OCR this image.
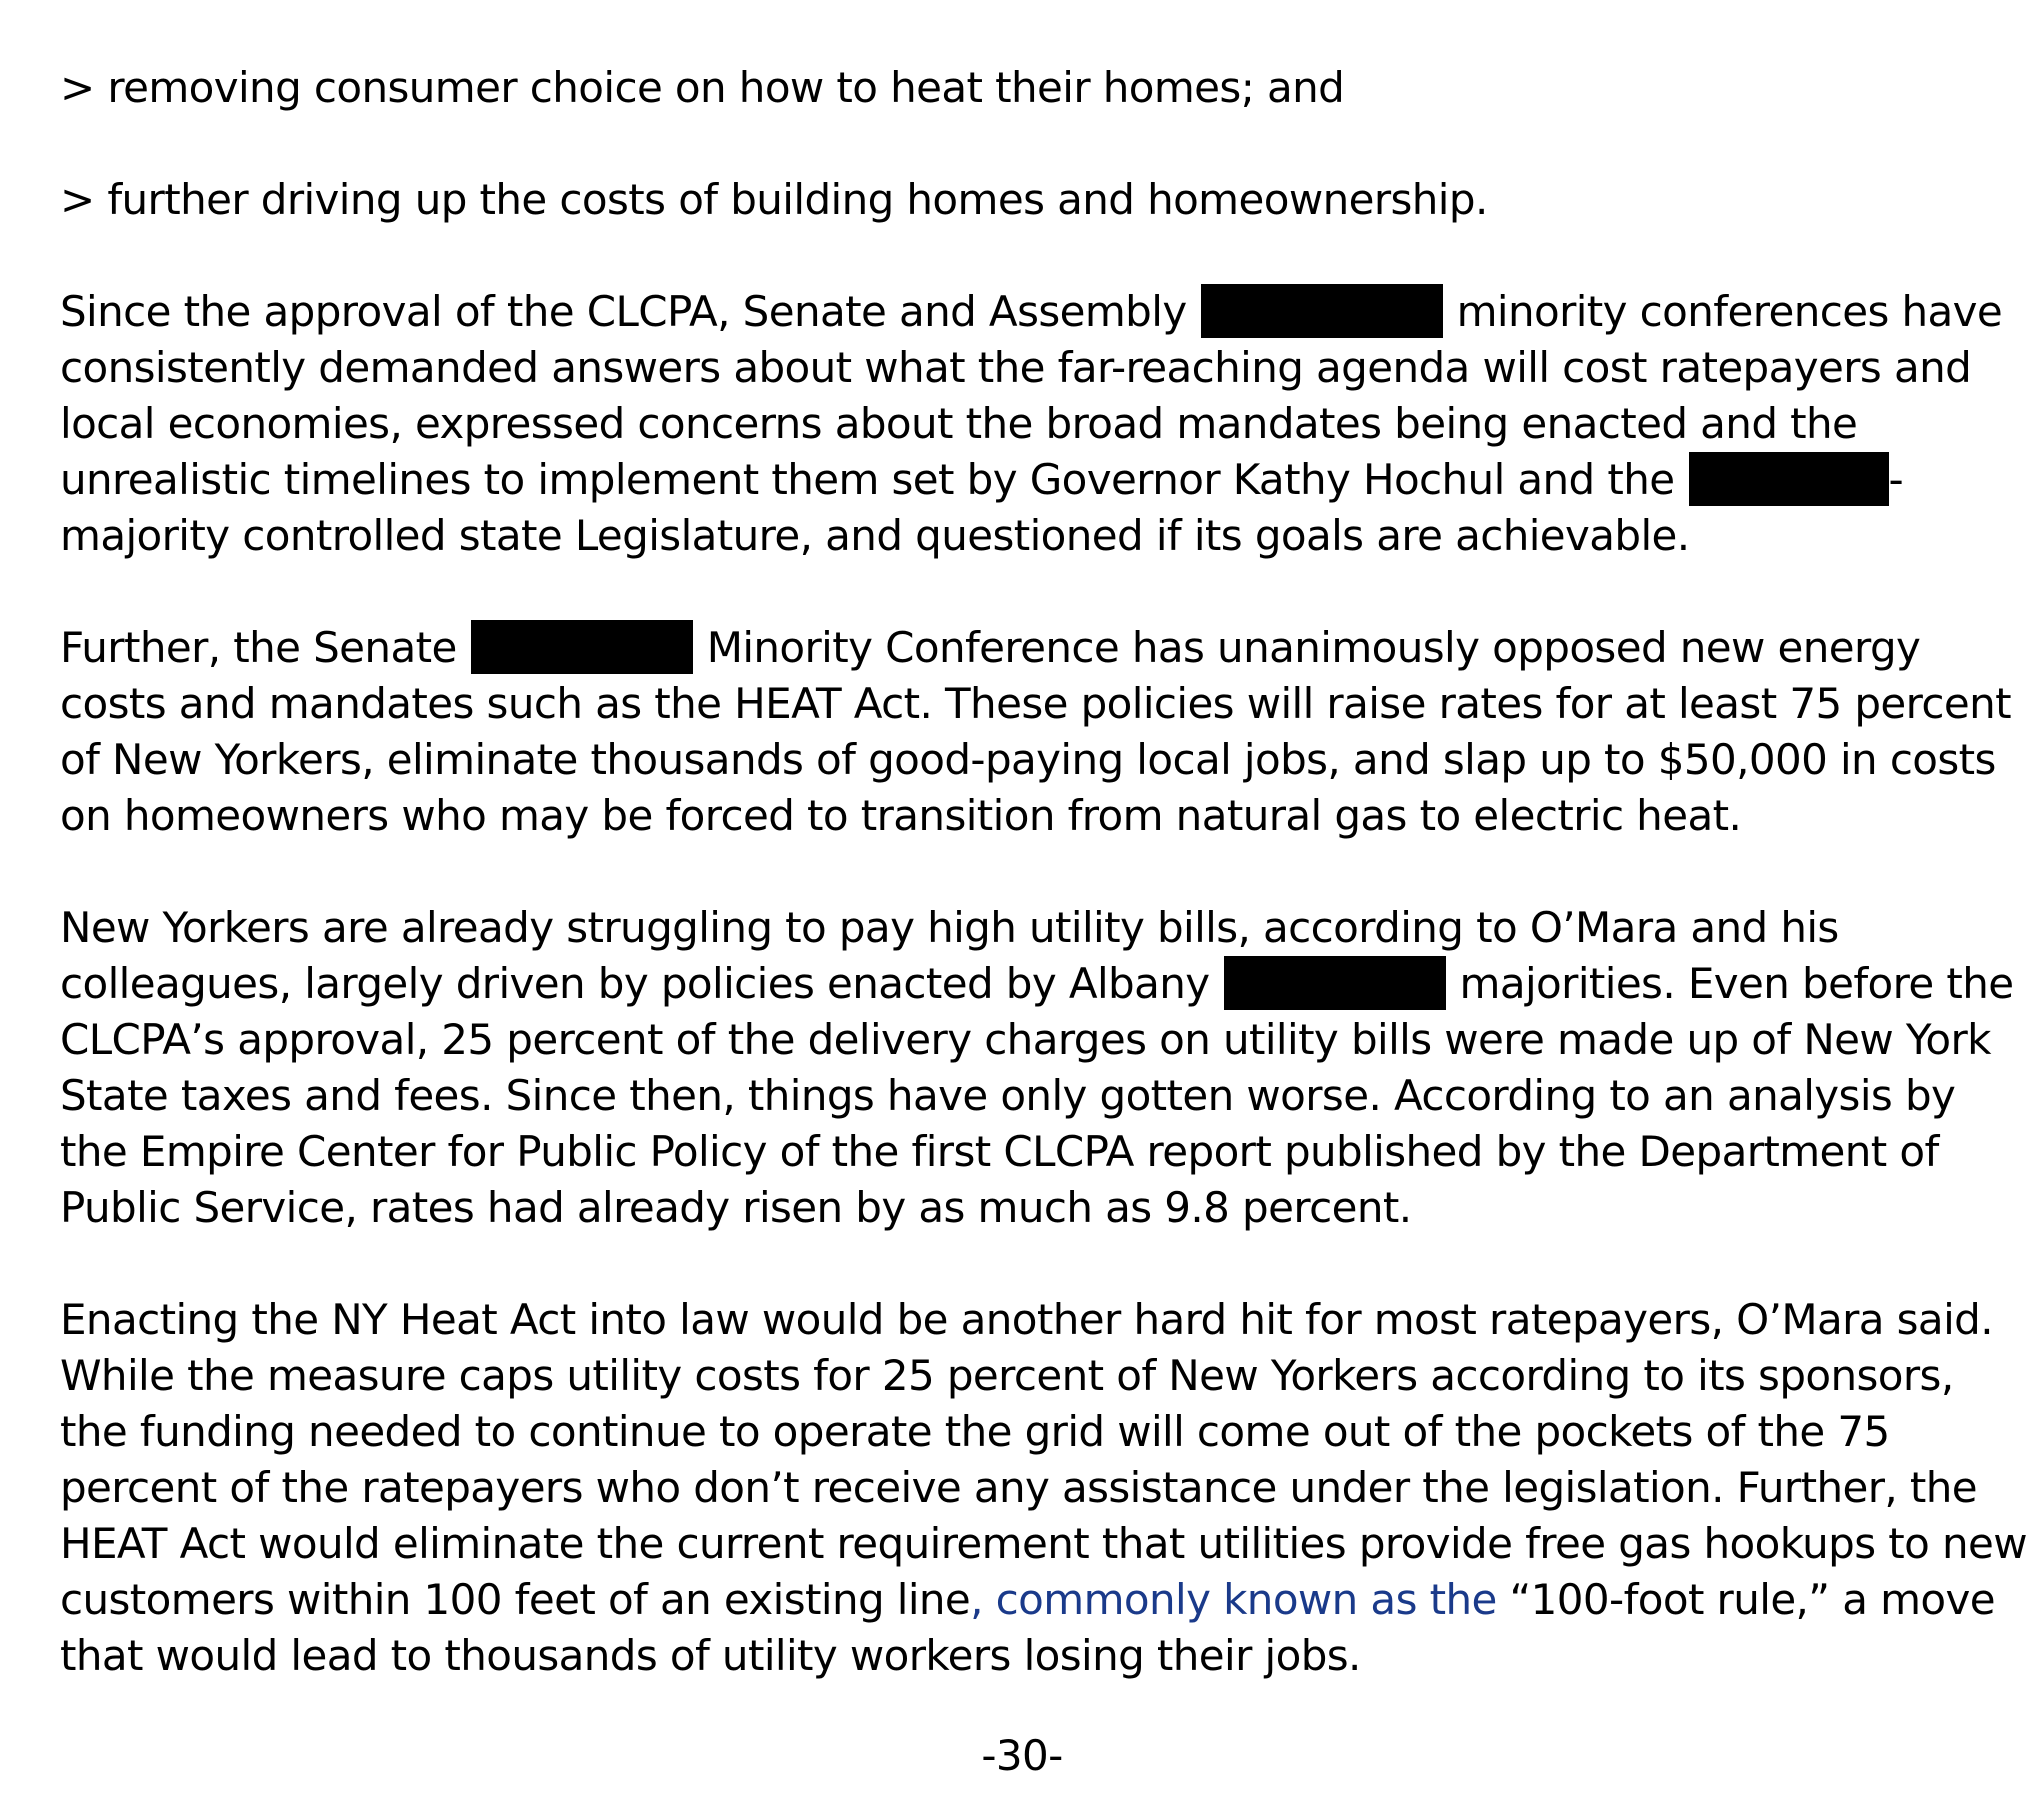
> removing consumer choice on how to heat their homes; and
> further driving up the costs of building homes and homeownership.
Since the approval of the CLCPA, Senate and Assembly	minority conferences have
consistently demanded answers about what the far-reaching agenda will cost ratepayers and
local economies, expressed concerns about the broad mandates being enacted and the
unrealistic timelines to implement them set by Governor Kathy Hochul and the	-
majority controlled state Legislature, and questioned if its goals are achievable.
Further, the Senate	Minority Conference has unanimously opposed new energy
costs and mandates such as the HEAT Act. These policies will raise rates for at least 75 percent
of New Yorkers, eliminate thousands of good-paying local jobs, and slap up to $50,000 in costs
on homeowners who may be forced to transition from natural gas to electric heat.
New Yorkers are already struggling to pay high utility bills, according to O’Mara and his
colleagues, largely driven by policies enacted by Albany	majorities. Even before the
CLCPA’s approval, 25 percent of the delivery charges on utility bills were made up of New York
State taxes and fees. Since then, things have only gotten worse. According to an analysis by
the Empire Center for Public Policy of the first CLCPA report published by the Department of
Public Service, rates had already risen by as much as 9.8 percent.
Enacting the NY Heat Act into law would be another hard hit for most ratepayers, O’Mara said.
While the measure caps utility costs for 25 percent of New Yorkers according to its sponsors,
the funding needed to continue to operate the grid will come out of the pockets of the 75
percent of the ratepayers who don’t receive any assistance under the legislation. Further, the
HEAT Act would eliminate the current requirement that utilities provide free gas hookups to new
customers within 100 feet of an existing line, commonly known as the “100-foot rule,” a move
that would lead to thousands of utility workers losing their jobs.
-30-
